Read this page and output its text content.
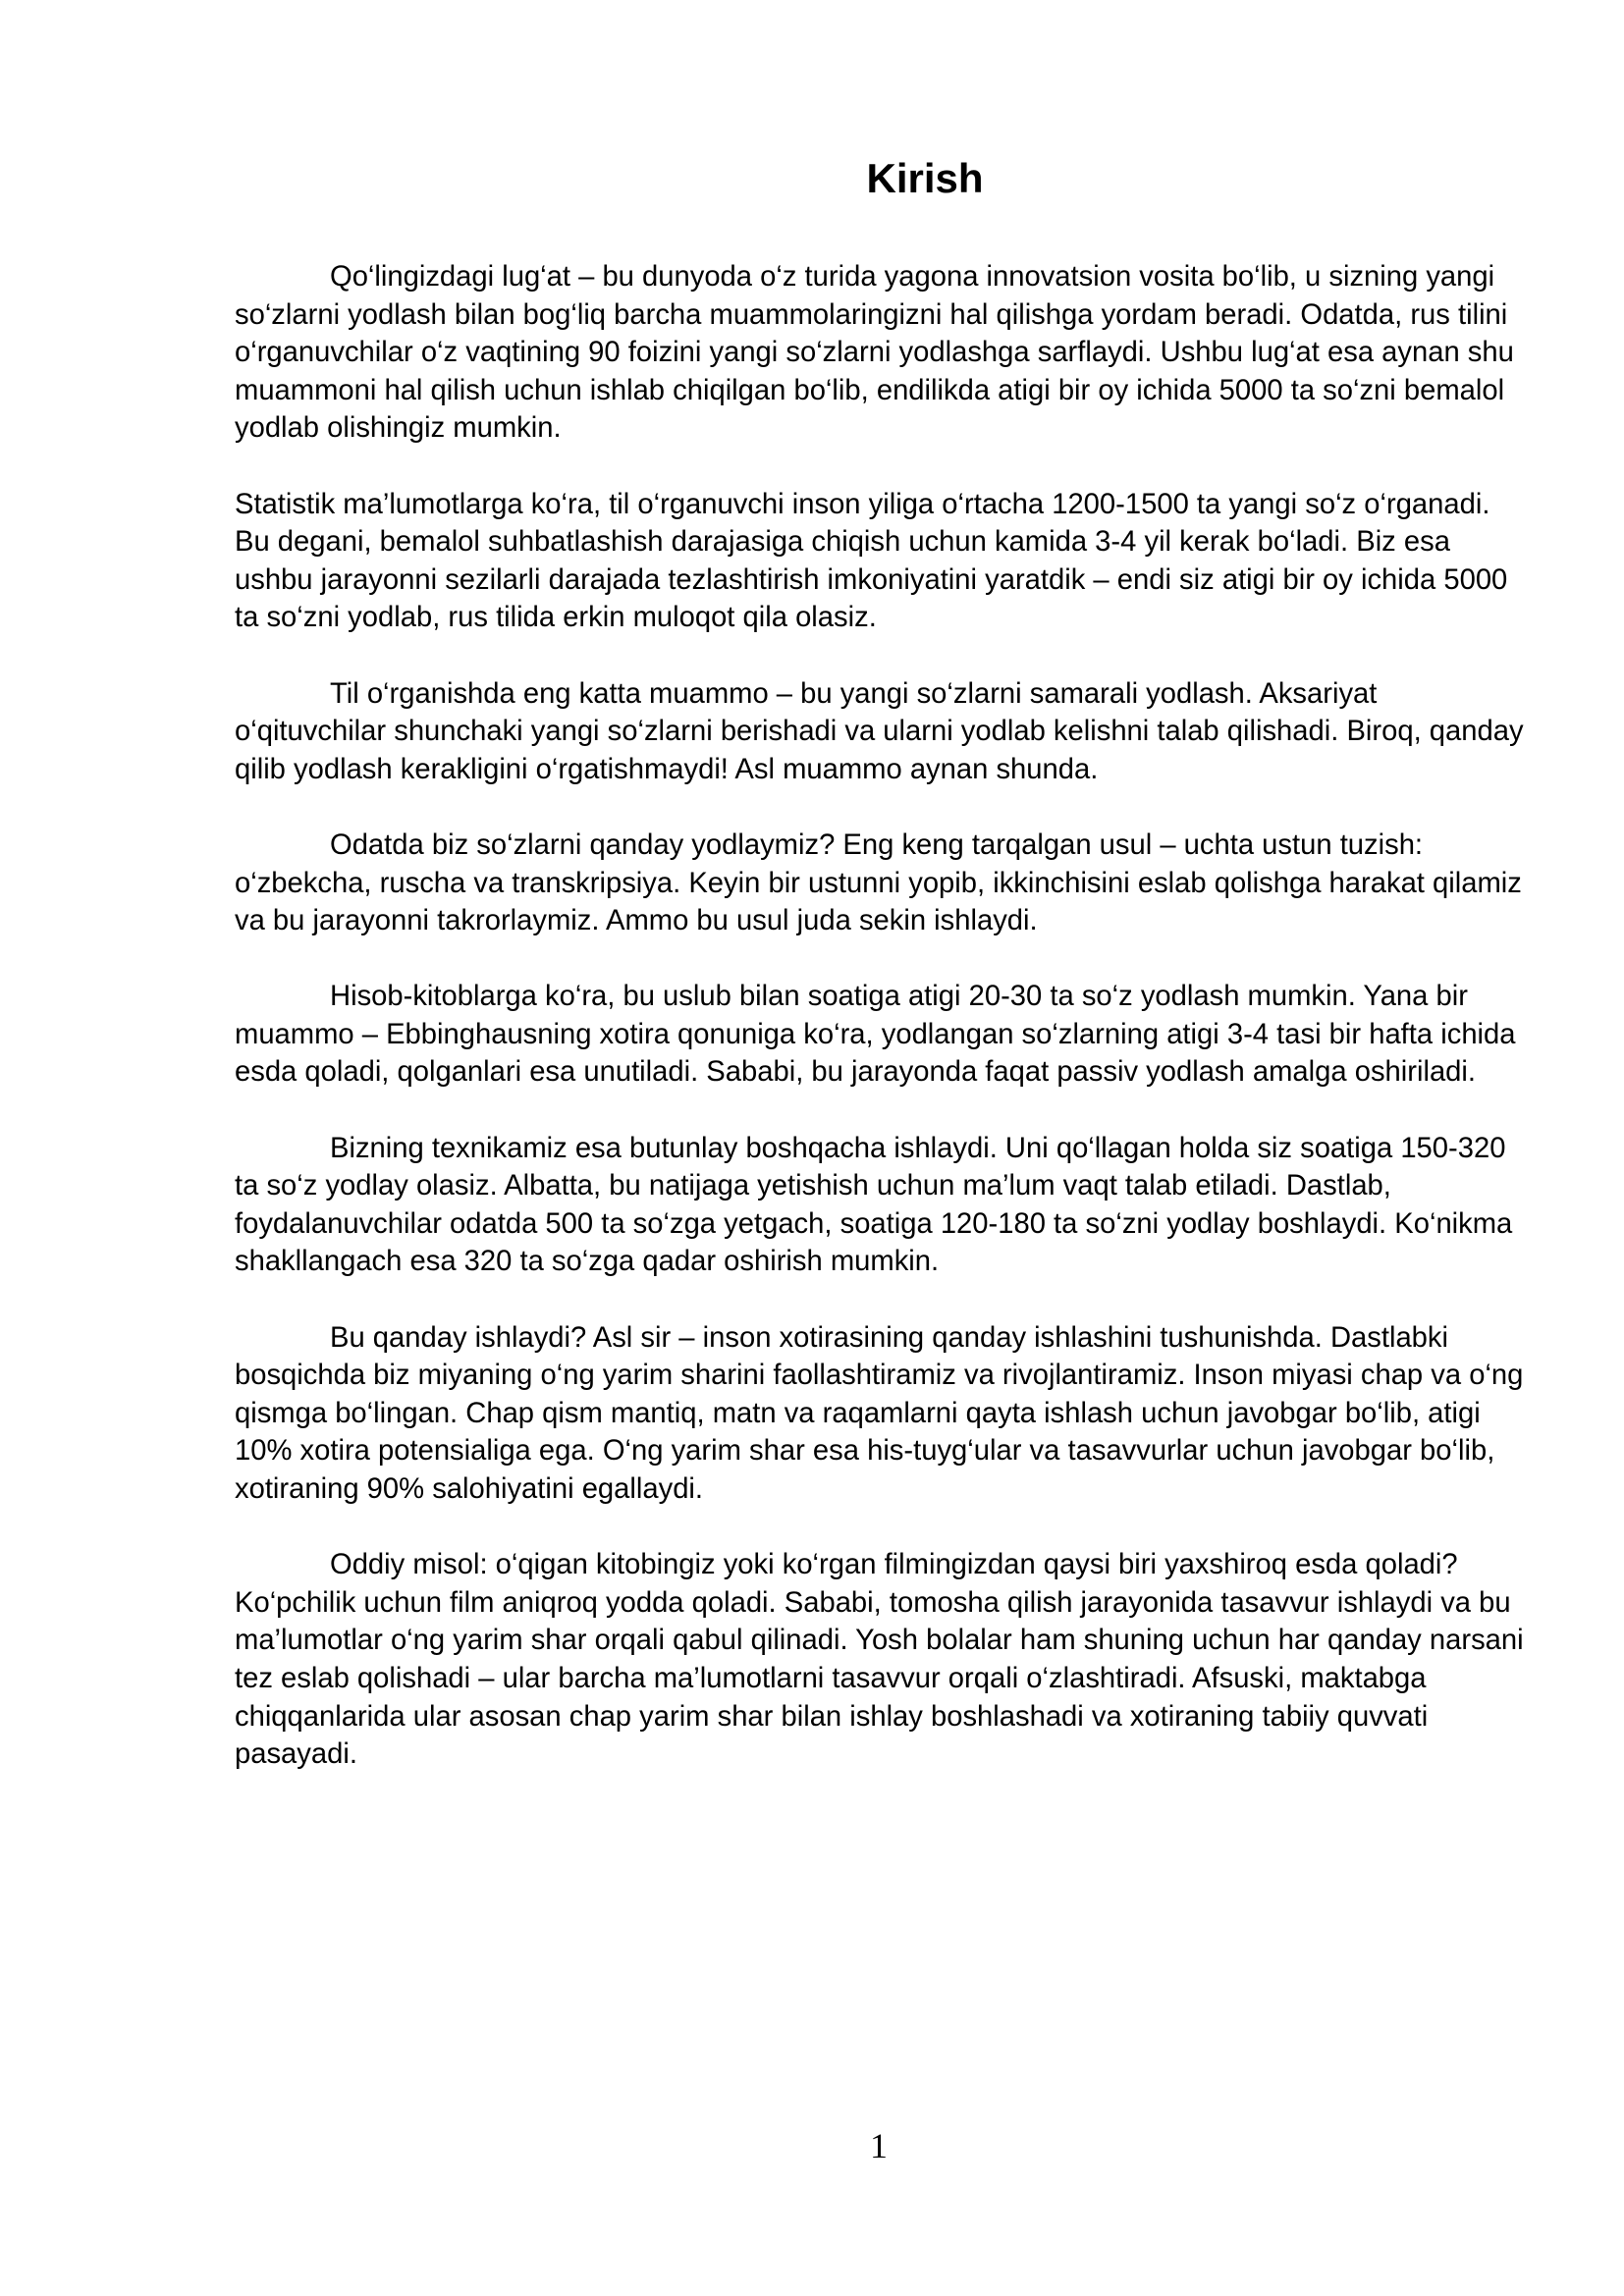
Kirish

Qo‘lingizdagi lug‘at – bu dunyoda o‘z turida yagona innovatsion vosita bo‘lib, u sizning yangi so‘zlarni yodlash bilan bog‘liq barcha muammolaringizni hal qilishga yordam beradi. Odatda, rus tilini o‘rganuvchilar o‘z vaqtining 90 foizini yangi so‘zlarni yodlashga sarflaydi. Ushbu lug‘at esa aynan shu muammoni hal qilish uchun ishlab chiqilgan bo‘lib, endilikda atigi bir oy ichida 5000 ta so‘zni bemalol yodlab olishingiz mumkin.

Statistik ma’lumotlarga ko‘ra, til o‘rganuvchi inson yiliga o‘rtacha 1200-1500 ta yangi so‘z o‘rganadi. Bu degani, bemalol suhbatlashish darajasiga chiqish uchun kamida 3-4 yil kerak bo‘ladi. Biz esa ushbu jarayonni sezilarli darajada tezlashtirish imkoniyatini yaratdik – endi siz atigi bir oy ichida 5000 ta so‘zni yodlab, rus tilida erkin muloqot qila olasiz.

Til o‘rganishda eng katta muammo – bu yangi so‘zlarni samarali yodlash. Aksariyat o‘qituvchilar shunchaki yangi so‘zlarni berishadi va ularni yodlab kelishni talab qilishadi. Biroq, qanday qilib yodlash kerakligini o‘rgatishmaydi! Asl muammo aynan shunda.

Odatda biz so‘zlarni qanday yodlaymiz? Eng keng tarqalgan usul – uchta ustun tuzish: o‘zbekcha, ruscha va transkripsiya. Keyin bir ustunni yopib, ikkinchisini eslab qolishga harakat qilamiz va bu jarayonni takrorlaymiz. Ammo bu usul juda sekin ishlaydi.

Hisob-kitoblarga ko‘ra, bu uslub bilan soatiga atigi 20-30 ta so‘z yodlash mumkin. Yana bir muammo – Ebbinghausning xotira qonuniga ko‘ra, yodlangan so‘zlarning atigi 3-4 tasi bir hafta ichida esda qoladi, qolganlari esa unutiladi. Sababi, bu jarayonda faqat passiv yodlash amalga oshiriladi.

Bizning texnikamiz esa butunlay boshqacha ishlaydi. Uni qo‘llagan holda siz soatiga 150-320 ta so‘z yodlay olasiz. Albatta, bu natijaga yetishish uchun ma’lum vaqt talab etiladi. Dastlab, foydalanuvchilar odatda 500 ta so‘zga yetgach, soatiga 120-180 ta so‘zni yodlay boshlaydi. Ko‘nikma shakllangach esa 320 ta so‘zga qadar oshirish mumkin.

Bu qanday ishlaydi? Asl sir – inson xotirasining qanday ishlashini tushunishda. Dastlabki bosqichda biz miyaning o‘ng yarim sharini faollashtiramiz va rivojlantiramiz. Inson miyasi chap va o‘ng qismga bo‘lingan. Chap qism mantiq, matn va raqamlarni qayta ishlash uchun javobgar bo‘lib, atigi 10% xotira potensialiga ega. O‘ng yarim shar esa his-tuyg‘ular va tasavvurlar uchun javobgar bo‘lib, xotiraning 90% salohiyatini egallaydi.

Oddiy misol: o‘qigan kitobingiz yoki ko‘rgan filmingizdan qaysi biri yaxshiroq esda qoladi? Ko‘pchilik uchun film aniqroq yodda qoladi. Sababi, tomosha qilish jarayonida tasavvur ishlaydi va bu ma’lumotlar o‘ng yarim shar orqali qabul qilinadi. Yosh bolalar ham shuning uchun har qanday narsani tez eslab qolishadi – ular barcha ma’lumotlarni tasavvur orqali o‘zlashtiradi. Afsuski, maktabga chiqqanlarida ular asosan chap yarim shar bilan ishlay boshlashadi va xotiraning tabiiy quvvati pasayadi.

1
